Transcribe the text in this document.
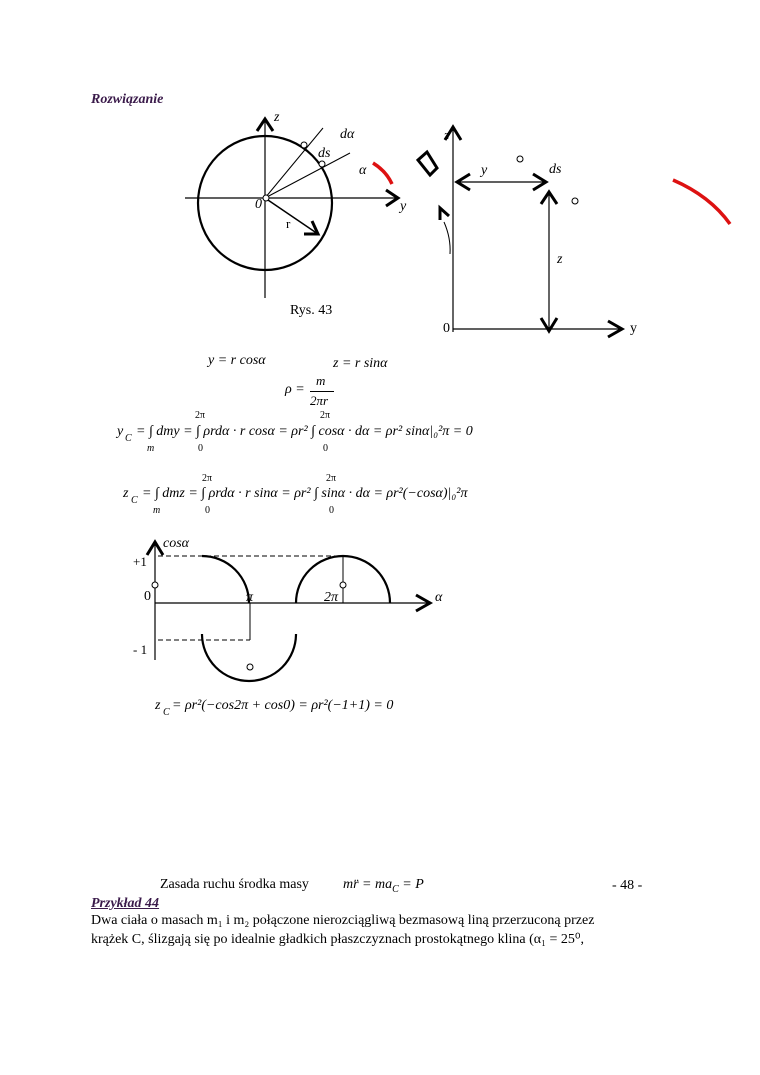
Rozwiązanie
z
y
0
r
dα
ds
α
Rys. 43
z
y
0
y
z
ds
y = r cosα	z = r sinα
ρ =
m
2πr
y C = ∫ dmy = ∫ ρrdα · r cosα = ρr² ∫ cosα · dα = ρr² sinα|₀²π = 0
m
2π
0
2π
0
z C = ∫ dmz = ∫ ρrdα · r sinα = ρr² ∫ sinα · dα = ρr²(−cosα)|₀²π
m
2π
0
2π
0
cosα
+1
0
- 1
π	2π	α
z C = ρr²(−cos2π + cos0) = ρr²(−1+1) = 0
Zasada ruchu środka masy mr̈ = $ma_C = P$	- 48 -
Przykład 44
Dwa ciała o masach m₁ i m₂ połączone nierozciągliwą bezmasową liną przerzuconą przez
krążek C, ślizgają się po idealnie gładkich płaszczyznach prostokątnego klina (α₁ = 25⁰,
